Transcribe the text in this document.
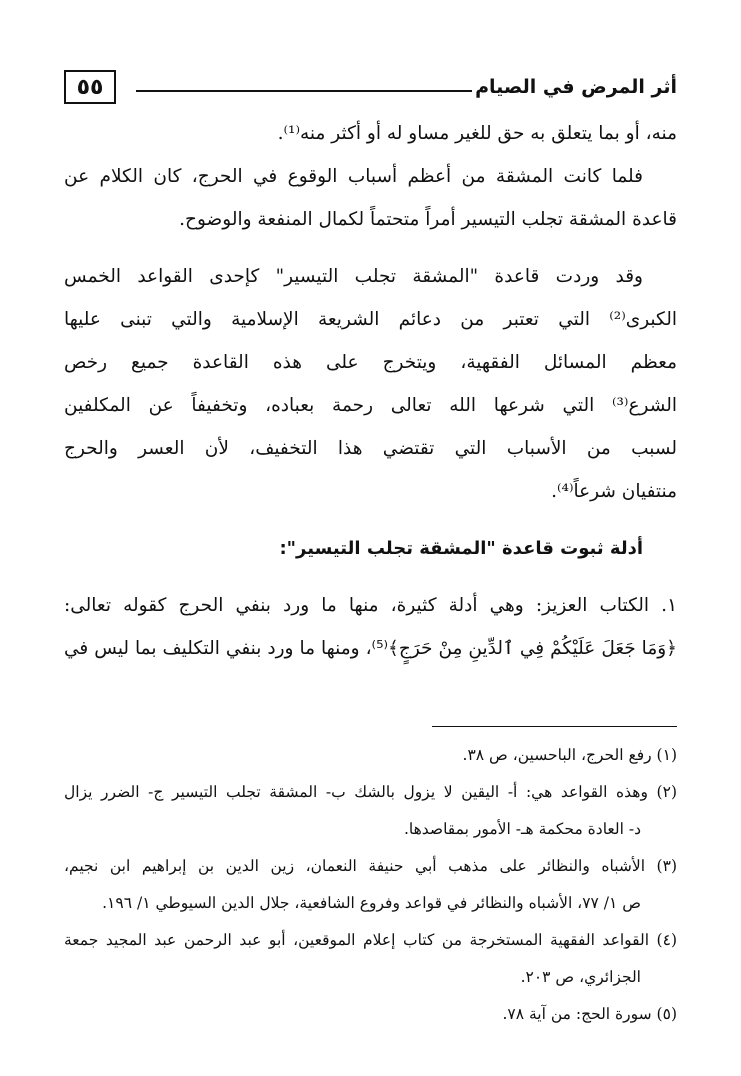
أثر المرض في الصيام
٥٥
منه، أو بما يتعلق به حق للغير مساو له أو أكثر منه⁽¹⁾.
فلما كانت المشقة من أعظم أسباب الوقوع في الحرج، كان الكلام عن
قاعدة المشقة تجلب التيسير أمراً متحتماً لكمال المنفعة والوضوح.
وقد وردت قاعدة "المشقة تجلب التيسير" كإحدى القواعد الخمس
الكبرى⁽²⁾ التي تعتبر من دعائم الشريعة الإسلامية والتي تبنى عليها
معظم المسائل الفقهية، ويتخرج على هذه القاعدة جميع رخص
الشرع⁽³⁾ التي شرعها الله تعالى رحمة بعباده، وتخفيفاً عن المكلفين
لسبب من الأسباب التي تقتضي هذا التخفيف، لأن العسر والحرج
منتفيان شرعاً⁽⁴⁾.
أدلة ثبوت قاعدة "المشقة تجلب التيسير":
١. الكتاب العزيز: وهي أدلة كثيرة، منها ما ورد بنفي الحرج كقوله تعالى:
﴿وَمَا جَعَلَ عَلَيْكُمْ فِي ٱلدِّينِ مِنْ حَرَجٍ﴾⁽⁵⁾، ومنها ما ورد بنفي التكليف بما ليس في
(١) رفع الحرج، الباحسين، ص ٣٨.
(٢) وهذه القواعد هي: أ- اليقين لا يزول بالشك ب- المشقة تجلب التيسير ج- الضرر يزال
د- العادة محكمة هـ- الأمور بمقاصدها.
(٣) الأشباه والنظائر على مذهب أبي حنيفة النعمان، زين الدين بن إبراهيم ابن نجيم،
ص ١/ ٧٧، الأشباه والنظائر في قواعد وفروع الشافعية، جلال الدين السيوطي ١/ ١٩٦.
(٤) القواعد الفقهية المستخرجة من كتاب إعلام الموقعين، أبو عبد الرحمن عبد المجيد جمعة
الجزائري، ص ٢٠٣.
(٥) سورة الحج: من آية ٧٨.
